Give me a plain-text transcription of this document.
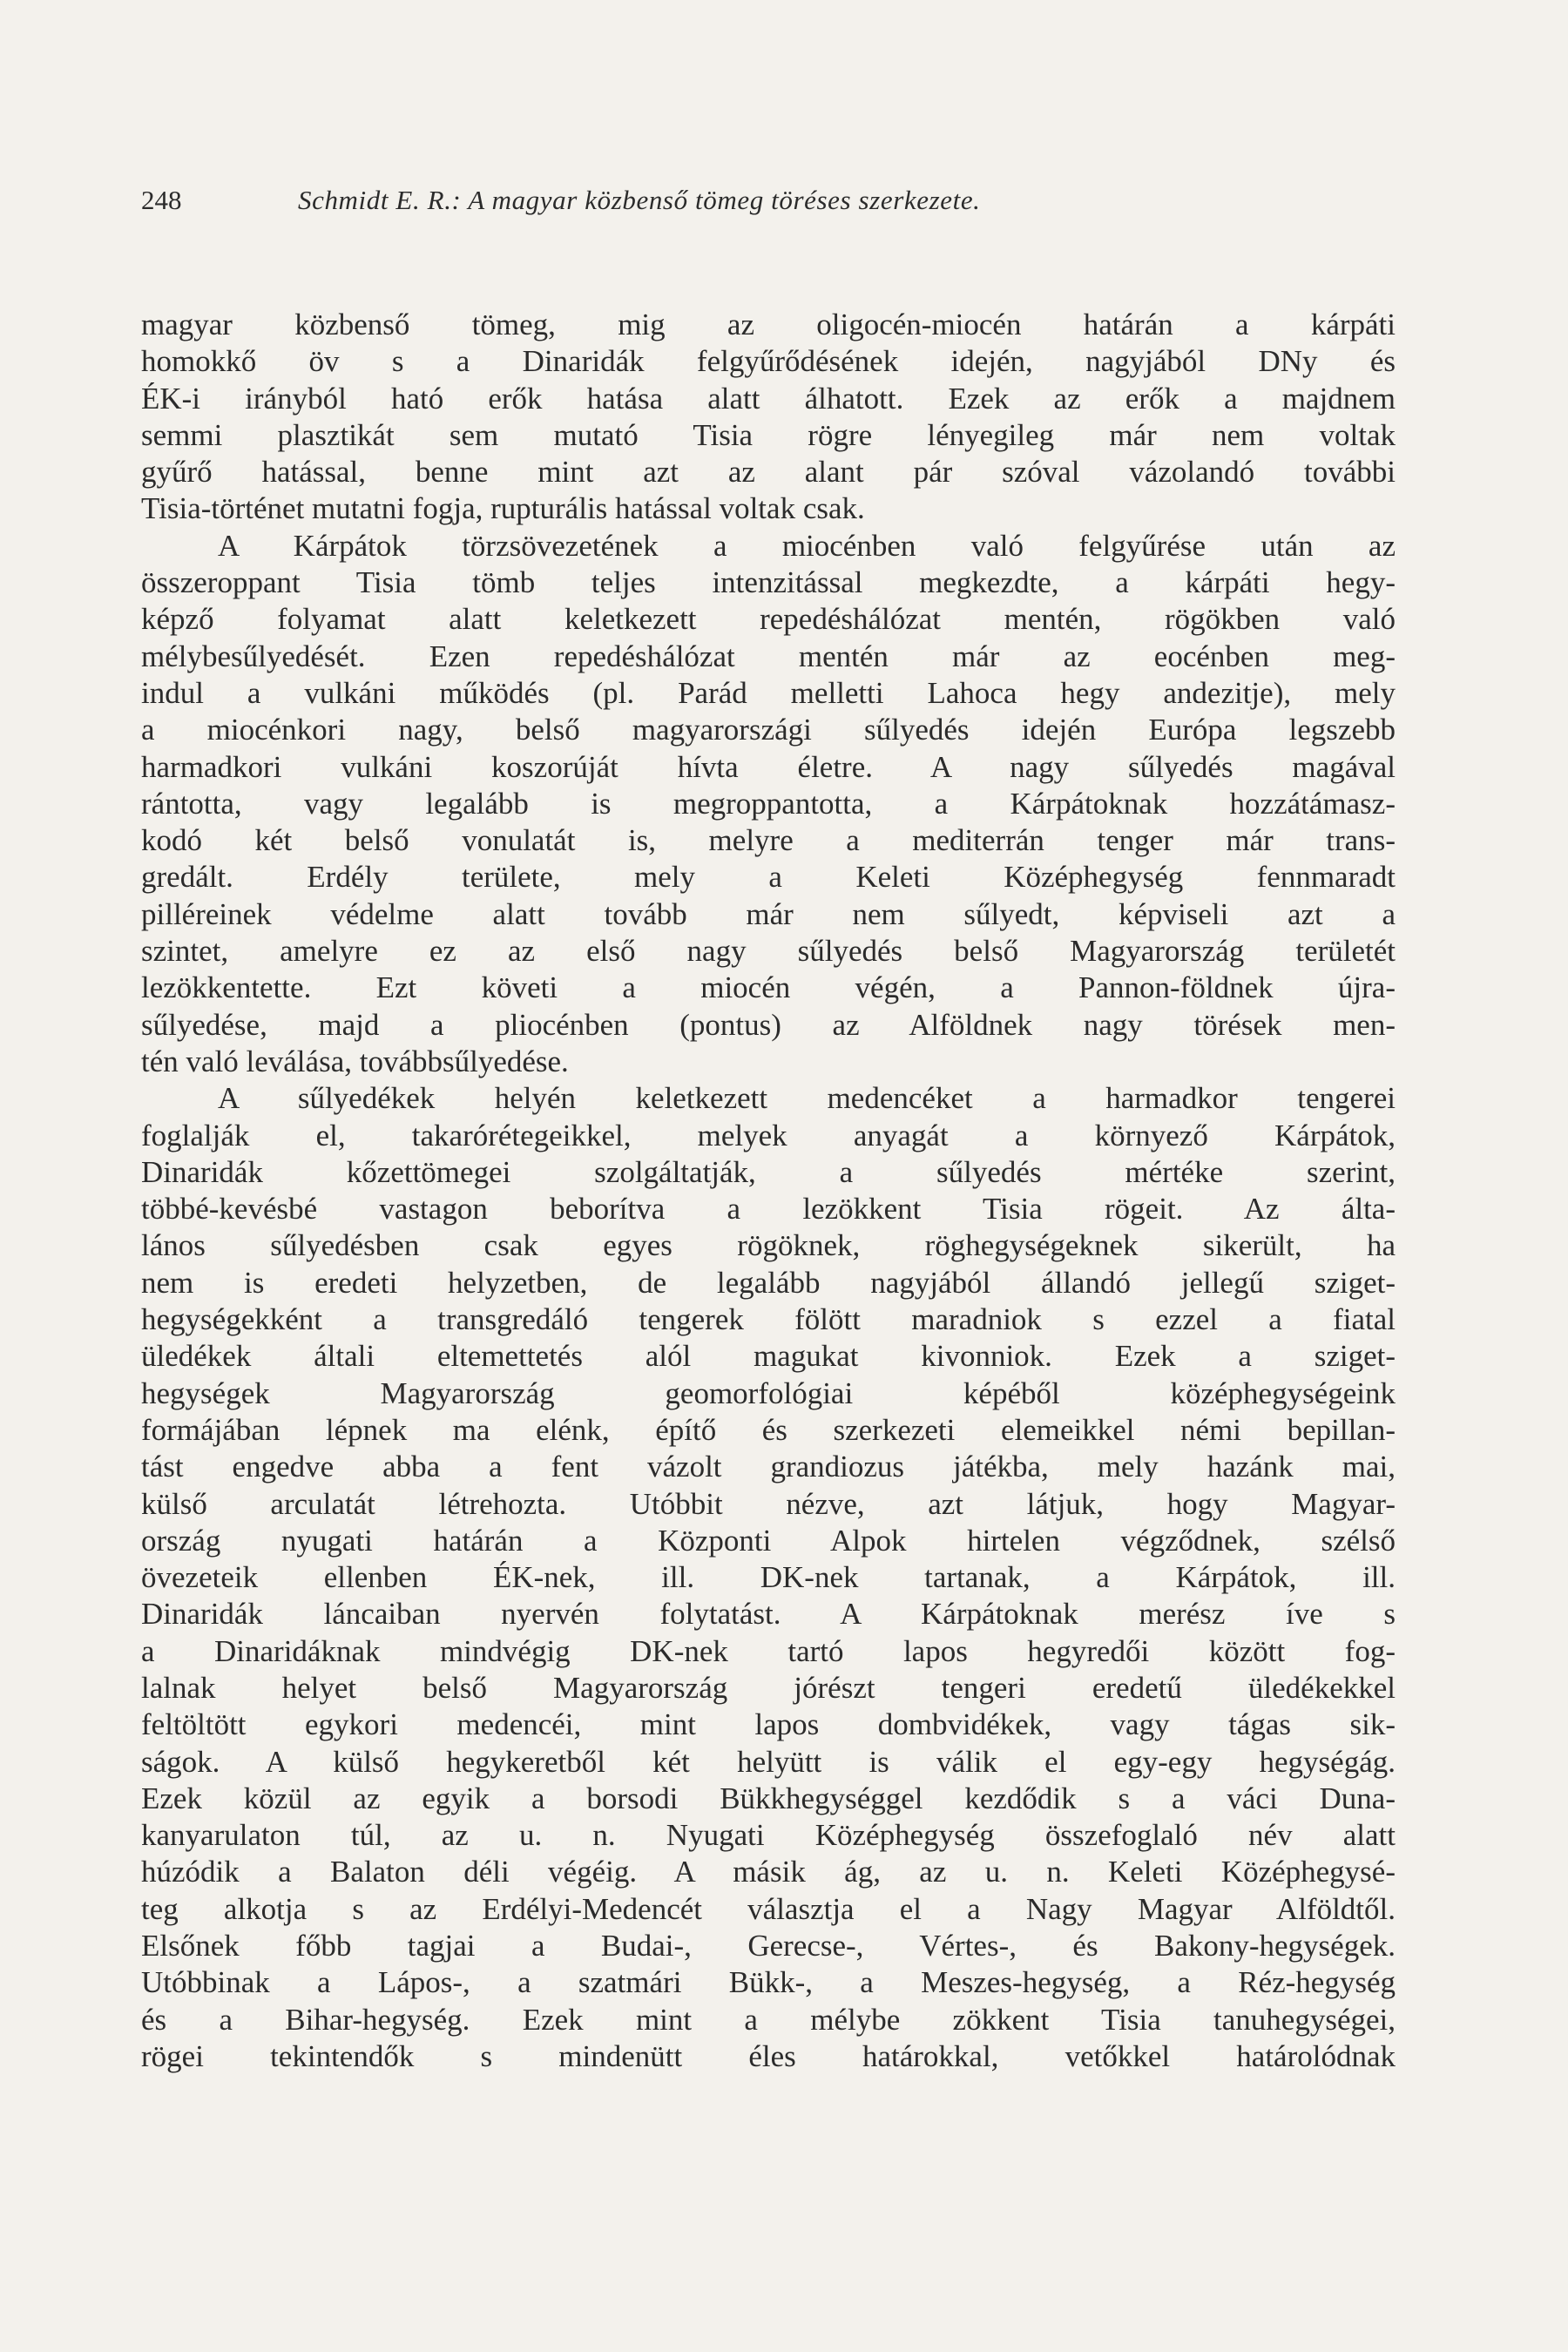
248	Schmidt E. R.: A magyar közbenső tömeg töréses szerkezete.
magyar közbenső tömeg, mig az oligocén-miocén határán a kárpáti
homokkő öv s a Dinaridák felgyűrődésének idején, nagyjából DNy és
ÉK-i irányból ható erők hatása alatt álhatott. Ezek az erők a majdnem
semmi plasztikát sem mutató Tisia rögre lényegileg már nem voltak
gyűrő hatással, benne mint azt az alant pár szóval vázolandó további
Tisia-történet mutatni fogja, rupturális hatással voltak csak.
A Kárpátok törzsövezetének a miocénben való felgyűrése után az
összeroppant Tisia tömb teljes intenzitással megkezdte, a kárpáti hegy-
képző folyamat alatt keletkezett repedéshálózat mentén, rögökben való
mélybesűlyedését. Ezen repedéshálózat mentén már az eocénben meg-
indul a vulkáni működés (pl. Parád melletti Lahoca hegy andezitje), mely
a miocénkori nagy, belső magyarországi sűlyedés idején Európa legszebb
harmadkori vulkáni koszorúját hívta életre. A nagy sűlyedés magával
rántotta, vagy legalább is megroppantotta, a Kárpátoknak hozzátámasz-
kodó két belső vonulatát is, melyre a mediterrán tenger már trans-
gredált. Erdély területe, mely a Keleti Középhegység fennmaradt
pilléreinek védelme alatt tovább már nem sűlyedt, képviseli azt a
szintet, amelyre ez az első nagy sűlyedés belső Magyarország területét
lezökkentette. Ezt követi a miocén végén, a Pannon-földnek újra-
sűlyedése, majd a pliocénben (pontus) az Alföldnek nagy törések men-
tén való leválása, továbbsűlyedése.
A sűlyedékek helyén keletkezett medencéket a harmadkor tengerei
foglalják el, takarórétegeikkel, melyek anyagát a környező Kárpátok,
Dinaridák kőzettömegei szolgáltatják, a sűlyedés mértéke szerint,
többé-kevésbé vastagon beborítva a lezökkent Tisia rögeit. Az álta-
lános sűlyedésben csak egyes rögöknek, röghegységeknek sikerült, ha
nem is eredeti helyzetben, de legalább nagyjából állandó jellegű sziget-
hegységekként a transgredáló tengerek fölött maradniok s ezzel a fiatal
üledékek általi eltemettetés alól magukat kivonniok. Ezek a sziget-
hegységek Magyarország geomorfológiai képéből középhegységeink
formájában lépnek ma elénk, építő és szerkezeti elemeikkel némi bepillan-
tást engedve abba a fent vázolt grandiozus játékba, mely hazánk mai,
külső arculatát létrehozta. Utóbbit nézve, azt látjuk, hogy Magyar-
ország nyugati határán a Központi Alpok hirtelen végződnek, szélső
övezeteik ellenben ÉK-nek, ill. DK-nek tartanak, a Kárpátok, ill.
Dinaridák láncaiban nyervén folytatást. A Kárpátoknak merész íve s
a Dinaridáknak mindvégig DK-nek tartó lapos hegyredői között fog-
lalnak helyet belső Magyarország jórészt tengeri eredetű üledékekkel
feltöltött egykori medencéi, mint lapos dombvidékek, vagy tágas sik-
ságok. A külső hegykeretből két helyütt is válik el egy-egy hegységág.
Ezek közül az egyik a borsodi Bükkhegységgel kezdődik s a váci Duna-
kanyarulaton túl, az u. n. Nyugati Középhegység összefoglaló név alatt
húzódik a Balaton déli végéig. A másik ág, az u. n. Keleti Középhegysé-
teg alkotja s az Erdélyi-Medencét választja el a Nagy Magyar Alföldtől.
Elsőnek főbb tagjai a Budai-, Gerecse-, Vértes-, és Bakony-hegységek.
Utóbbinak a Lápos-, a szatmári Bükk-, a Meszes-hegység, a Réz-hegység
és a Bihar-hegység. Ezek mint a mélybe zökkent Tisia tanuhegységei,
rögei tekintendők s mindenütt éles határokkal, vetőkkel határolódnak
